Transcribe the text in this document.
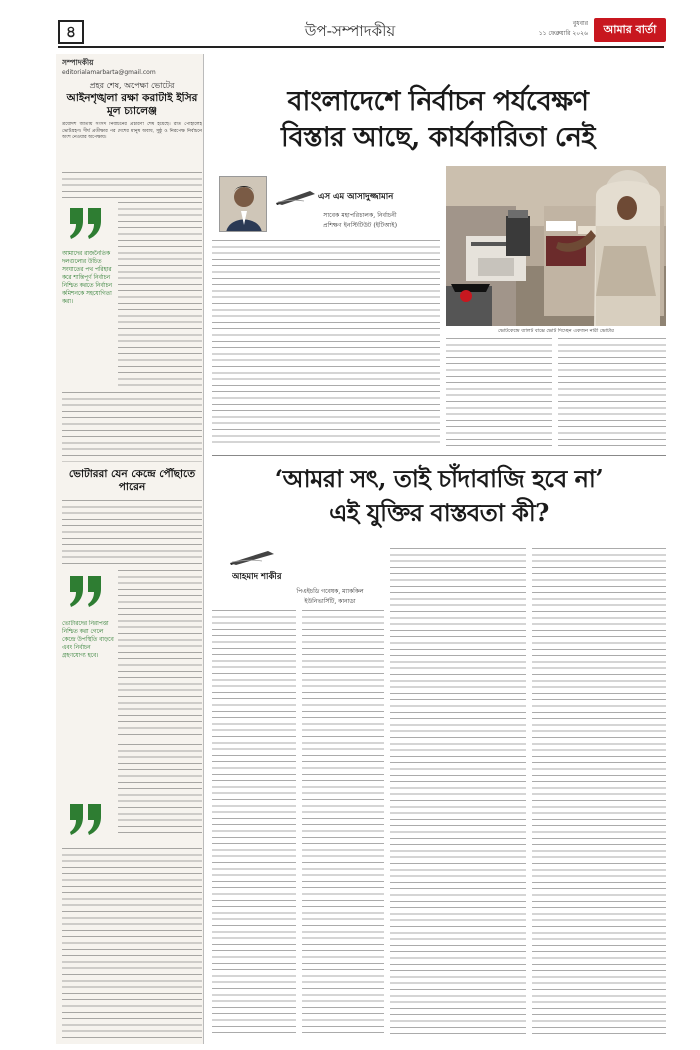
৪	উপ-সম্পাদকীয়	বুধবার
১১ ফেব্রুয়ারি ২০২৬ আমার বার্তা
সম্পাদকীয়
editorialamarbarta@gmail.com
প্রহর শেষ, অপেক্ষা ভোটের
আইনশৃঙ্খলা রক্ষা করাটাই ইসির মূল চ্যালেঞ্জ
ত্রয়োদশ জাতীয় সংসদ নির্বাচনের প্রচারণা শেষ হয়েছে। রাত পোহালেই ভোটগ্রহণ। দীর্ঘ প্রতীক্ষার পর দেশের মানুষ অবাধ, সুষ্ঠু ও নিরপেক্ষ নির্বাচনে অংশ নেওয়ার অপেক্ষায়।
আমাদের রাজনৈতিক দলগুলোর উচিত সংঘাতের পথ পরিহার করে শান্তিপূর্ণ নির্বাচন নিশ্চিত করতে নির্বাচন কমিশনকে সহযোগিতা করা।
ভোটাররা যেন কেন্দ্রে পৌঁছাতে পারেন
ভোটারদের নিরাপত্তা নিশ্চিত করা গেলে কেন্দ্রে উপস্থিতি বাড়বে এবং নির্বাচন গ্রহণযোগ্য হবে।
বাংলাদেশে নির্বাচন পর্যবেক্ষণ
বিস্তার আছে, কার্যকারিতা নেই
এস এম আসাদুজ্জামান
সাবেক মহাপরিচালক, নির্বাচনী
প্রশিক্ষণ ইনস্টিটিউট (ইটিআই)
ভোটকেন্দ্রে ব্যালট বাক্সে ভোট দিচ্ছেন একজন নারী ভোটার
‘আমরা সৎ, তাই চাঁদাবাজি হবে না’
এই যুক্তির বাস্তবতা কী?
আহমাদ শাকীর
পিএইচডি গবেষক, ম্যাককিল
ইউনিভার্সিটি, কানাডা
